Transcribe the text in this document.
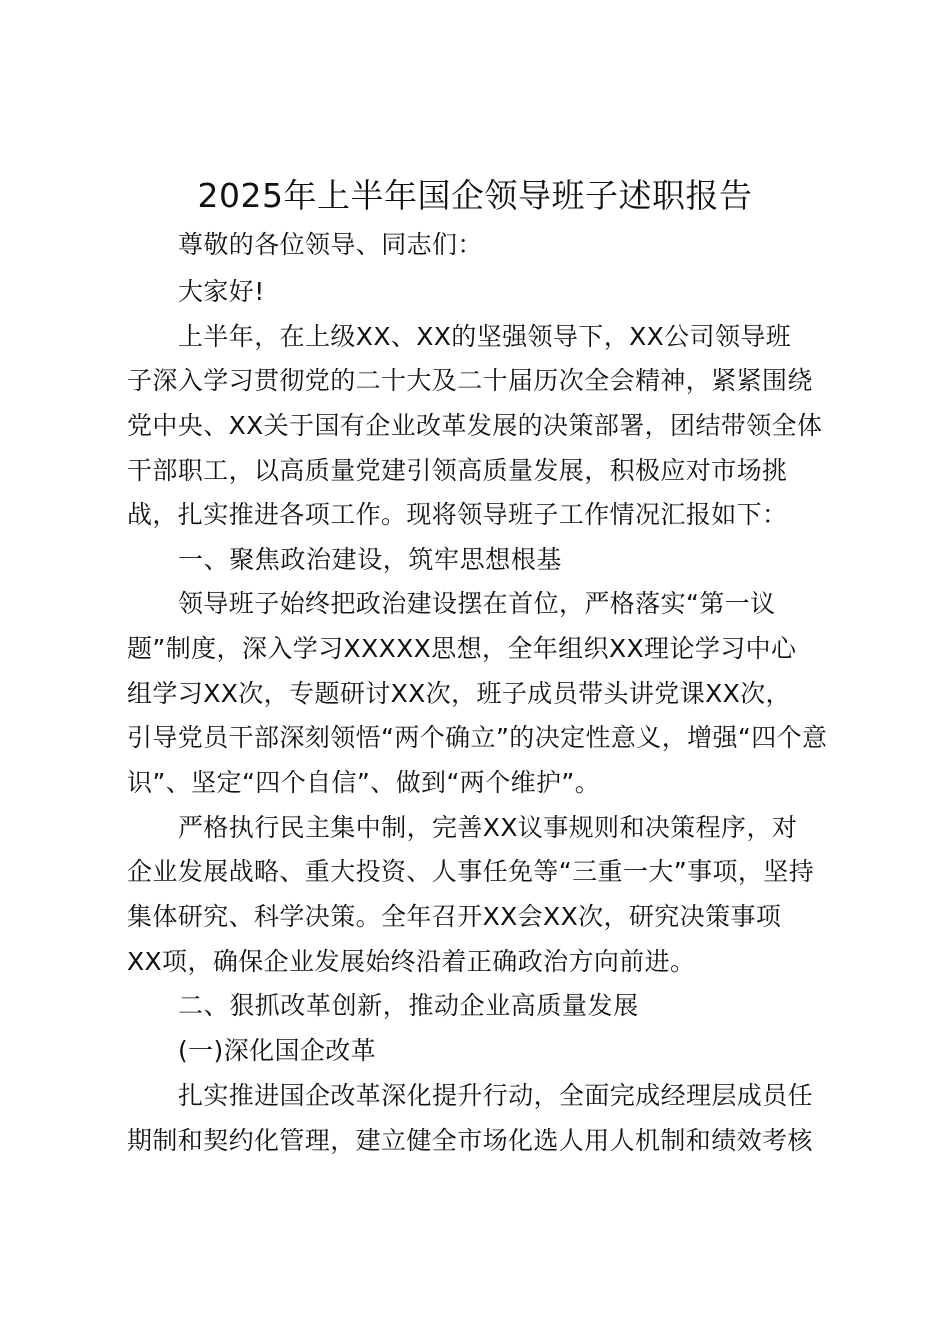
2025年上半年国企领导班子述职报告
尊敬的各位领导、同志们：
大家好!
上半年，在上级XX、XX的坚强领导下，XX公司领导班
子深入学习贯彻党的二十大及二十届历次全会精神，紧紧围绕
党中央、XX关于国有企业改革发展的决策部署，团结带领全体
干部职工，以高质量党建引领高质量发展，积极应对市场挑
战，扎实推进各项工作。现将领导班子工作情况汇报如下：
一、聚焦政治建设，筑牢思想根基
领导班子始终把政治建设摆在首位，严格落实“第一议
题”制度，深入学习XXXXX思想，全年组织XX理论学习中心
组学习XX次，专题研讨XX次，班子成员带头讲党课XX次，
引导党员干部深刻领悟“两个确立”的决定性意义，增强“四个意
识”、坚定“四个自信”、做到“两个维护”。
严格执行民主集中制，完善XX议事规则和决策程序，对
企业发展战略、重大投资、人事任免等“三重一大”事项，坚持
集体研究、科学决策。全年召开XX会XX次，研究决策事项
XX项，确保企业发展始终沿着正确政治方向前进。
二、狠抓改革创新，推动企业高质量发展
(一)深化国企改革
扎实推进国企改革深化提升行动，全面完成经理层成员任
期制和契约化管理，建立健全市场化选人用人机制和绩效考核
